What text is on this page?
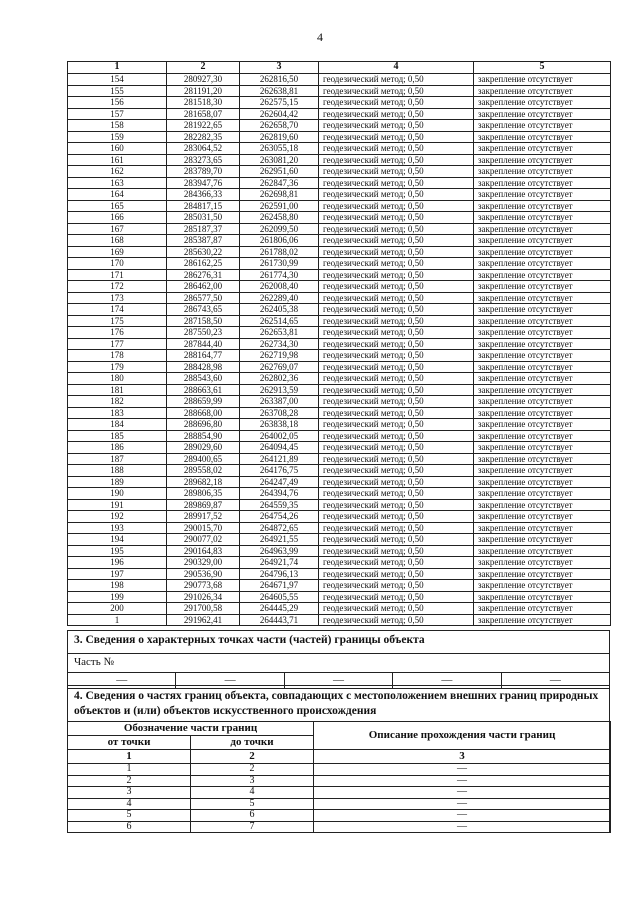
4
1	2	3	4	5
154	280927,30	262816,50	геодезический метод; 0,50	закрепление отсутствует
155	281191,20	262638,81	геодезический метод; 0,50	закрепление отсутствует
156	281518,30	262575,15	геодезический метод; 0,50	закрепление отсутствует
157	281658,07	262604,42	геодезический метод; 0,50	закрепление отсутствует
158	281922,65	262658,70	геодезический метод; 0,50	закрепление отсутствует
159	282282,35	262819,60	геодезический метод; 0,50	закрепление отсутствует
160	283064,52	263055,18	геодезический метод; 0,50	закрепление отсутствует
161	283273,65	263081,20	геодезический метод; 0,50	закрепление отсутствует
162	283789,70	262951,60	геодезический метод; 0,50	закрепление отсутствует
163	283947,76	262847,36	геодезический метод; 0,50	закрепление отсутствует
164	284366,33	262698,81	геодезический метод; 0,50	закрепление отсутствует
165	284817,15	262591,00	геодезический метод; 0,50	закрепление отсутствует
166	285031,50	262458,80	геодезический метод; 0,50	закрепление отсутствует
167	285187,37	262099,50	геодезический метод; 0,50	закрепление отсутствует
168	285387,87	261806,06	геодезический метод; 0,50	закрепление отсутствует
169	285630,22	261788,02	геодезический метод; 0,50	закрепление отсутствует
170	286162,25	261730,99	геодезический метод; 0,50	закрепление отсутствует
171	286276,31	261774,30	геодезический метод; 0,50	закрепление отсутствует
172	286462,00	262008,40	геодезический метод; 0,50	закрепление отсутствует
173	286577,50	262289,40	геодезический метод; 0,50	закрепление отсутствует
174	286743,65	262405,38	геодезический метод; 0,50	закрепление отсутствует
175	287158,50	262514,65	геодезический метод; 0,50	закрепление отсутствует
176	287550,23	262653,81	геодезический метод; 0,50	закрепление отсутствует
177	287844,40	262734,30	геодезический метод; 0,50	закрепление отсутствует
178	288164,77	262719,98	геодезический метод; 0,50	закрепление отсутствует
179	288428,98	262769,07	геодезический метод; 0,50	закрепление отсутствует
180	288543,60	262802,36	геодезический метод; 0,50	закрепление отсутствует
181	288663,61	262913,59	геодезический метод; 0,50	закрепление отсутствует
182	288659,99	263387,00	геодезический метод; 0,50	закрепление отсутствует
183	288668,00	263708,28	геодезический метод; 0,50	закрепление отсутствует
184	288696,80	263838,18	геодезический метод; 0,50	закрепление отсутствует
185	288854,90	264002,05	геодезический метод; 0,50	закрепление отсутствует
186	289029,60	264094,45	геодезический метод; 0,50	закрепление отсутствует
187	289400,65	264121,89	геодезический метод; 0,50	закрепление отсутствует
188	289558,02	264176,75	геодезический метод; 0,50	закрепление отсутствует
189	289682,18	264247,49	геодезический метод; 0,50	закрепление отсутствует
190	289806,35	264394,76	геодезический метод; 0,50	закрепление отсутствует
191	289869,87	264559,35	геодезический метод; 0,50	закрепление отсутствует
192	289917,52	264754,26	геодезический метод; 0,50	закрепление отсутствует
193	290015,70	264872,65	геодезический метод; 0,50	закрепление отсутствует
194	290077,02	264921,55	геодезический метод; 0,50	закрепление отсутствует
195	290164,83	264963,99	геодезический метод; 0,50	закрепление отсутствует
196	290329,00	264921,74	геодезический метод; 0,50	закрепление отсутствует
197	290536,90	264796,13	геодезический метод; 0,50	закрепление отсутствует
198	290773,68	264671,97	геодезический метод; 0,50	закрепление отсутствует
199	291026,34	264605,55	геодезический метод; 0,50	закрепление отсутствует
200	291700,58	264445,29	геодезический метод; 0,50	закрепление отсутствует
1	291962,41	264443,71	геодезический метод; 0,50	закрепление отсутствует
3. Сведения о характерных точках части (частей) границы объекта
Часть №
—	—	—	—	—
4. Сведения о частях границ объекта, совпадающих с местоположением внешних границ природных объектов и (или) объектов искусственного происхождения
Обозначение части границ		Описание прохождения части границ
от точки	до точки	
1	2	3
1	2	—
2	3	—
3	4	—
4	5	—
5	6	—
6	7	—
